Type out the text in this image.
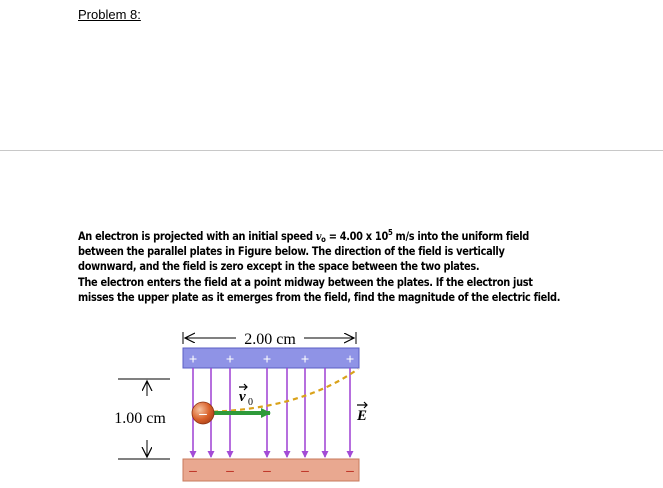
Problem 8:
An electron is projected with an initial speed $v_o = 4.00$ x $10^5$ m/s into the uniform field
between the parallel plates in Figure below. The direction of the field is vertically
downward, and the field is zero except in the space between the two plates.
The electron enters the field at a point midway between the plates. If the electron just
misses the upper plate as it emerges from the field, find the magnitude of the electric field.
2.00 cm
+ + + + +
– – – –	–
v 0
E
–
1.00 cm
